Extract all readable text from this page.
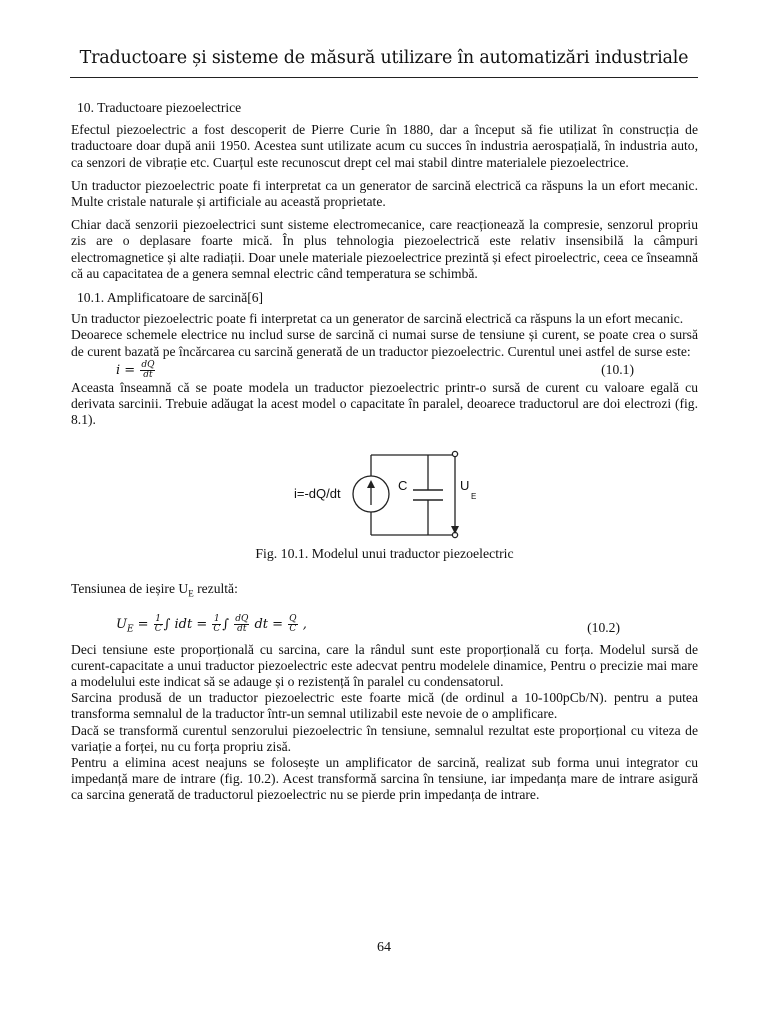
Traductoare și sisteme de măsură utilizare în automatizări industriale

10. Traductoare piezoelectrice

Efectul piezoelectric a fost descoperit de Pierre Curie în 1880, dar a început să fie utilizat în construcția de traductoare doar după anii 1950. Acestea sunt utilizate acum cu succes în industria aerospațială, în industria auto, ca senzori de vibrație etc. Cuarțul este recunoscut drept cel mai stabil dintre materialele piezoelectrice.

Un traductor piezoelectric poate fi interpretat ca un generator de sarcină electrică ca răspuns la un efort mecanic. Multe cristale naturale și artificiale au această proprietate.

Chiar dacă senzorii piezoelectrici sunt sisteme electromecanice, care reacționează la compresie, senzorul propriu zis are o deplasare foarte mică. În plus tehnologia piezoelectrică este relativ insensibilă la câmpuri electromagnetice și alte radiații. Doar unele materiale piezoelectrice prezintă și efect piroelectric, ceea ce înseamnă că au capacitatea de a genera semnal electric când temperatura se schimbă.

10.1. Amplificatoare de sarcină[6]

Un traductor piezoelectric poate fi interpretat ca un generator de sarcină electrică ca răspuns la un efort mecanic.

Deoarece schemele electrice nu includ surse de sarcină ci numai surse de tensiune și curent, se poate crea o sursă de curent bazată pe încărcarea cu sarcină generată de un traductor piezoelectric. Curentul unei astfel de surse este:

$i = \frac{dQ}{dt}$	(10.1)

Aceasta înseamnă că se poate modela un traductor piezoelectric printr-o sursă de curent cu valoare egală cu derivata sarcinii. Trebuie adăugat la acest model o capacitate în paralel, deoarece traductorul are doi electrozi (fig. 8.1).

i=-dQ/dt
C	U
E

Fig. 10.1. Modelul unui traductor piezoelectric

Tensiunea de ieșire $U_E$ rezultă:

$U_E = \frac{1}{C}$ ∫ idt = $\frac{1}{C}$ ∫ $\frac{dQ}{dt}$ dt = $\frac{Q}{C}$ ,	(10.2)

Deci tensiune este proporțională cu sarcina, care la rândul sunt este proporțională cu forța. Modelul sursă de curent-capacitate a unui traductor piezoelectric este adecvat pentru modelele dinamice, Pentru o precizie mai mare a modelului este indicat să se adauge și o rezistență în paralel cu condensatorul.

Sarcina produsă de un traductor piezoelectric este foarte mică (de ordinul a 10-100pCb/N). pentru a putea transforma semnalul de la traductor într-un semnal utilizabil este nevoie de o amplificare.

Dacă se transformă curentul senzorului piezoelectric în tensiune, semnalul rezultat este proporțional cu viteza de variație a forței, nu cu forța propriu zisă.

Pentru a elimina acest neajuns se folosește un amplificator de sarcină, realizat sub forma unui integrator cu impedanță mare de intrare (fig. 10.2). Acest transformă sarcina în tensiune, iar impedanța mare de intrare asigură ca sarcina generată de traductorul piezoelectric nu se pierde prin impedanța de intrare.

64
